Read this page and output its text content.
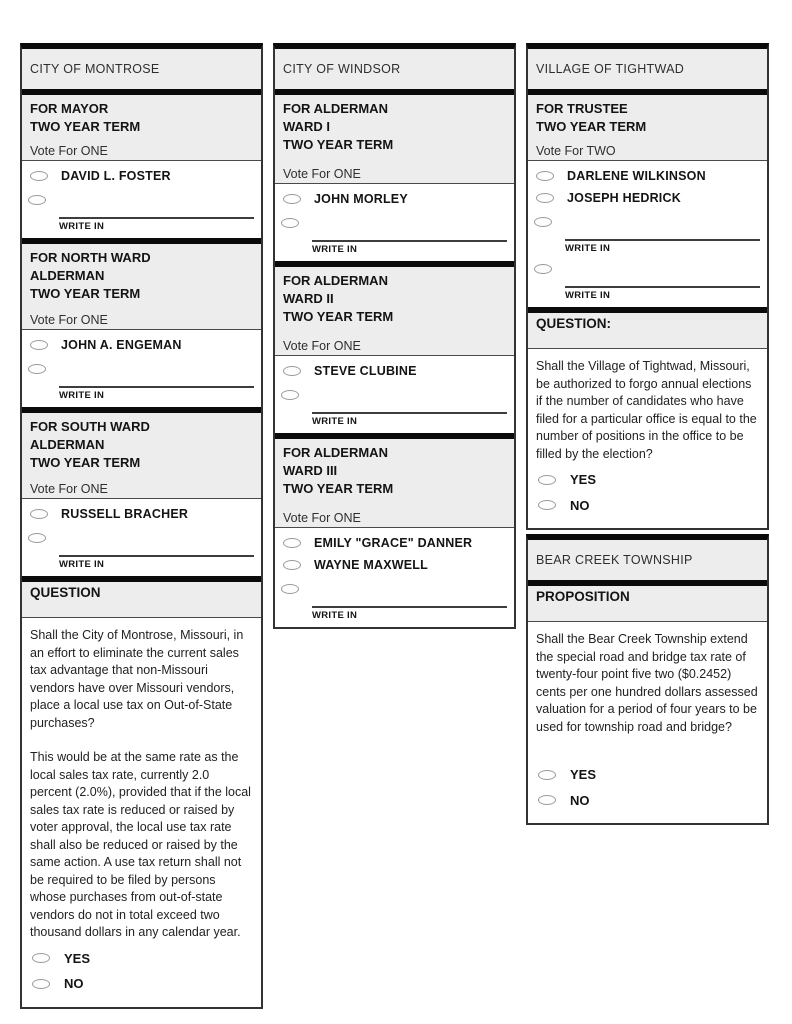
CITY OF MONTROSE
FOR MAYOR
TWO YEAR TERM
Vote For ONE
DAVID L. FOSTER
WRITE IN
FOR NORTH WARD
ALDERMAN
TWO YEAR TERM
Vote For ONE
JOHN A. ENGEMAN
WRITE IN
FOR SOUTH WARD
ALDERMAN
TWO YEAR TERM
Vote For ONE
RUSSELL BRACHER
WRITE IN
QUESTION

Shall the City of Montrose, Missouri, in an effort to eliminate the current sales tax advantage that non-Missouri vendors have over Missouri vendors, place a local use tax on Out-of-State purchases?

This would be at the same rate as the local sales tax rate, currently 2.0 percent (2.0%), provided that if the local sales tax rate is reduced or raised by voter approval, the local use tax rate shall also be reduced or raised by the same action. A use tax return shall not be required to be filed by persons whose purchases from out-of-state vendors do not in total exceed two thousand dollars in any calendar year.

YES
NO
CITY OF WINDSOR
FOR ALDERMAN
WARD I
TWO YEAR TERM
Vote For ONE
JOHN MORLEY
WRITE IN
FOR ALDERMAN
WARD II
TWO YEAR TERM
Vote For ONE
STEVE CLUBINE
WRITE IN
FOR ALDERMAN
WARD III
TWO YEAR TERM
Vote For ONE
EMILY "GRACE" DANNER
WAYNE MAXWELL
WRITE IN
VILLAGE OF TIGHTWAD
FOR TRUSTEE
TWO YEAR TERM
Vote For TWO
DARLENE WILKINSON
JOSEPH HEDRICK
WRITE IN
WRITE IN
QUESTION:

Shall the Village of Tightwad, Missouri, be authorized to forgo annual elections if the number of candidates who have filed for a particular office is equal to the number of positions in the office to be filled by the election?

YES
NO
BEAR CREEK TOWNSHIP
PROPOSITION

Shall the Bear Creek Township extend the special road and bridge tax rate of twenty-four point five two ($0.2452) cents per one hundred dollars assessed valuation for a period of four years to be used for township road and bridge?

YES
NO
